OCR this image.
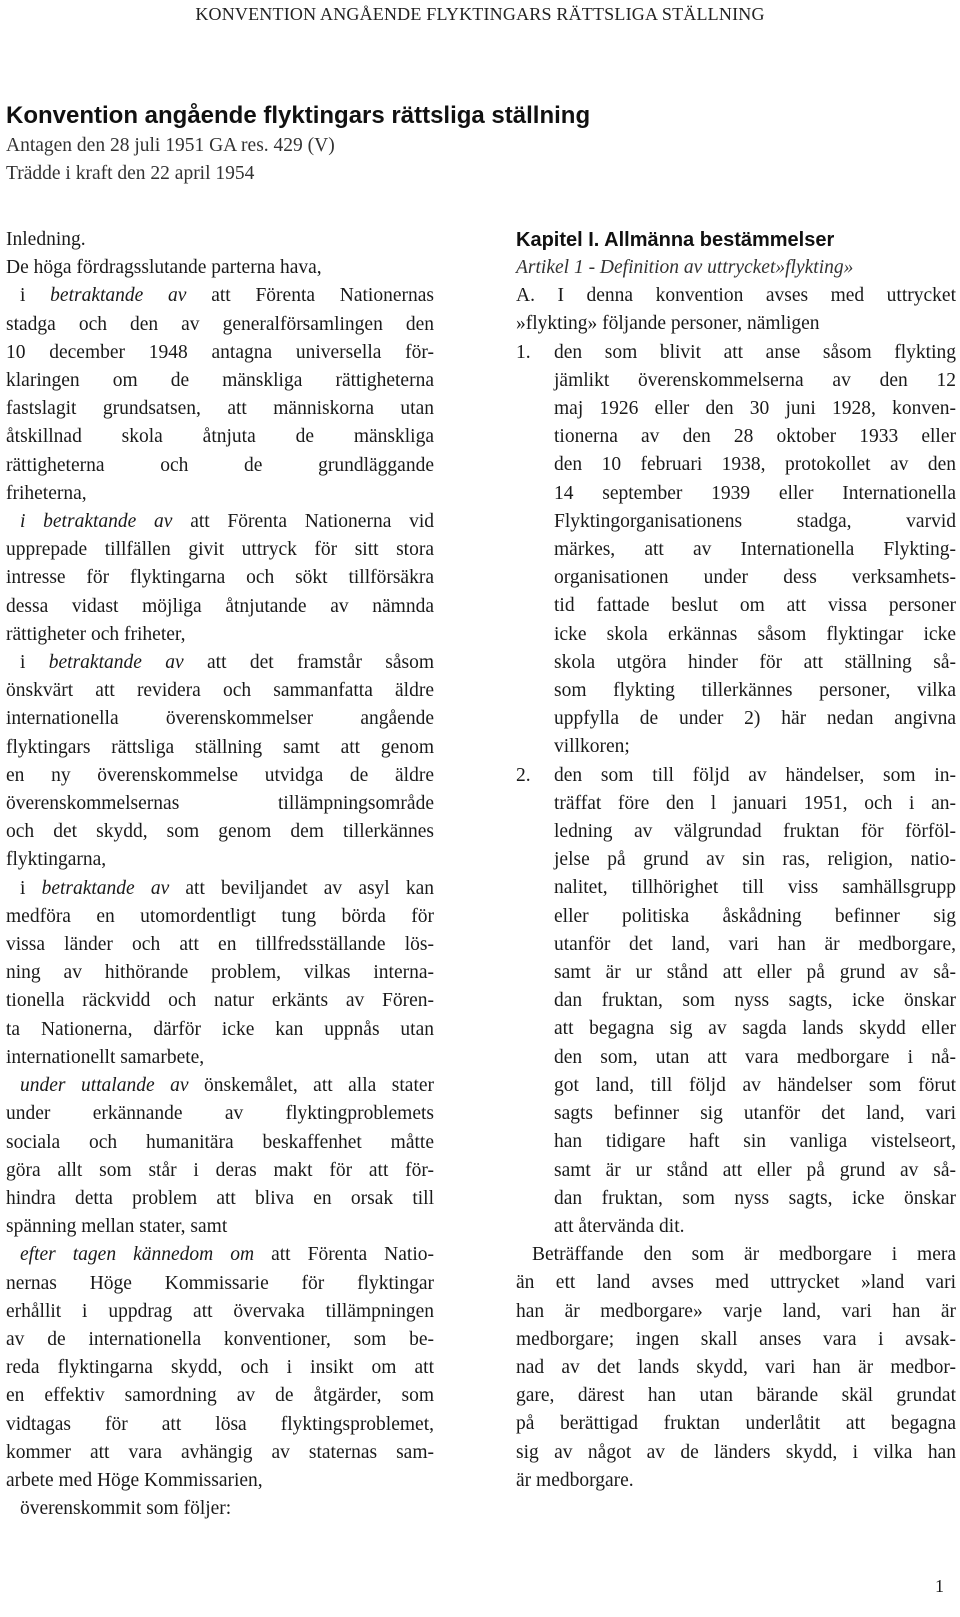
KONVENTION ANGÅENDE FLYKTINGARS RÄTTSLIGA STÄLLNING
Konvention angående flyktingars rättsliga ställning
Antagen den 28 juli 1951 GA res. 429 (V)
Trädde i kraft den 22 april 1954
Inledning.
De höga fördragsslutande parterna hava,
i betraktande av att Förenta Nationernas
stadga och den av generalförsamlingen den
10 december 1948 antagna universella för-
klaringen om de mänskliga rättigheterna
fastslagit grundsatsen, att människorna utan
åtskillnad skola åtnjuta de mänskliga
rättigheterna och de grundläggande
friheterna,
i betraktande av att Förenta Nationerna vid
upprepade tillfällen givit uttryck för sitt stora
intresse för flyktingarna och sökt tillförsäkra
dessa vidast möjliga åtnjutande av nämnda
rättigheter och friheter,
i betraktande av att det framstår såsom
önskvärt att revidera och sammanfatta äldre
internationella överenskommelser angående
flyktingars rättsliga ställning samt att genom
en ny överenskommelse utvidga de äldre
överenskommelsernas tillämpningsområde
och det skydd, som genom dem tillerkännes
flyktingarna,
i betraktande av att beviljandet av asyl kan
medföra en utomordentligt tung börda för
vissa länder och att en tillfredsställande lös-
ning av hithörande problem, vilkas interna-
tionella räckvidd och natur erkänts av Fören-
ta Nationerna, därför icke kan uppnås utan
internationellt samarbete,
under uttalande av önskemålet, att alla stater
under erkännande av flyktingproblemets
sociala och humanitära beskaffenhet måtte
göra allt som står i deras makt för att för-
hindra detta problem att bliva en orsak till
spänning mellan stater, samt
efter tagen kännedom om att Förenta Natio-
nernas Höge Kommissarie för flyktingar
erhållit i uppdrag att övervaka tillämpningen
av de internationella konventioner, som be-
reda flyktingarna skydd, och i insikt om att
en effektiv samordning av de åtgärder, som
vidtagas för att lösa flyktingsproblemet,
kommer att vara avhängig av staternas sam-
arbete med Höge Kommissarien,
överenskommit som följer:
Kapitel I. Allmänna bestämmelser
Artikel 1 - Definition av uttrycket»flykting»
A. I denna konvention avses med uttrycket
»flykting» följande personer, nämligen
1. den som blivit att anse såsom flykting
jämlikt överenskommelserna av den 12
maj 1926 eller den 30 juni 1928, konven-
tionerna av den 28 oktober 1933 eller
den 10 februari 1938, protokollet av den
14 september 1939 eller Internationella
Flyktingorganisationens stadga, varvid
märkes, att av Internationella Flykting-
organisationen under dess verksamhets-
tid fattade beslut om att vissa personer
icke skola erkännas såsom flyktingar icke
skola utgöra hinder för att ställning så-
som flykting tillerkännes personer, vilka
uppfylla de under 2) här nedan angivna
villkoren;
2. den som till följd av händelser, som in-
träffat före den l januari 1951, och i an-
ledning av välgrundad fruktan för förföl-
jelse på grund av sin ras, religion, natio-
nalitet, tillhörighet till viss samhällsgrupp
eller politiska åskådning befinner sig
utanför det land, vari han är medborgare,
samt är ur stånd att eller på grund av så-
dan fruktan, som nyss sagts, icke önskar
att begagna sig av sagda lands skydd eller
den som, utan att vara medborgare i nå-
got land, till följd av händelser som förut
sagts befinner sig utanför det land, vari
han tidigare haft sin vanliga vistelseort,
samt är ur stånd att eller på grund av så-
dan fruktan, som nyss sagts, icke önskar
att återvända dit.
Beträffande den som är medborgare i mera
än ett land avses med uttrycket »land vari
han är medborgare» varje land, vari han är
medborgare; ingen skall anses vara i avsak-
nad av det lands skydd, vari han är medbor-
gare, därest han utan bärande skäl grundat
på berättigad fruktan underlåtit att begagna
sig av något av de länders skydd, i vilka han
är medborgare.
1
